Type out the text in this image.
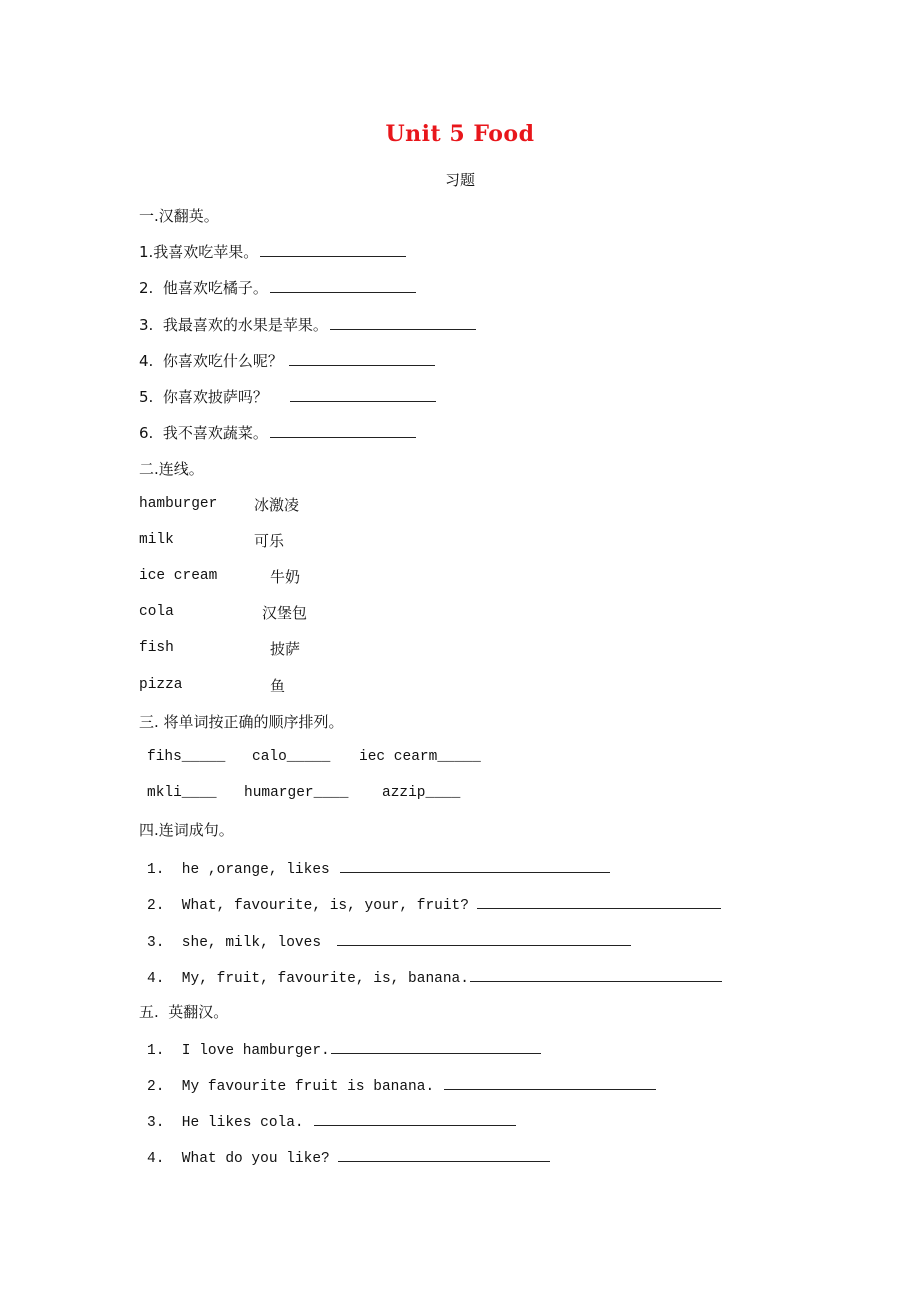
Unit 5 Food
习题
一.汉翻英。
1.我喜欢吃苹果。
2.  他喜欢吃橘子。
3.  我最喜欢的水果是苹果。
4.  你喜欢吃什么呢？
5.  你喜欢披萨吗？
6.  我不喜欢蔬菜。
二.连线。
hamburger 冰激凌
milk	可乐
ice cream	牛奶
cola	汉堡包
fish	披萨
pizza	鱼
三. 将单词按正确的顺序排列。
fihs_____ calo_____ iec cearm_____
mkli____ humarger____ azzip____
四.连词成句。
1.  he ,orange, likes
2.  What, favourite, is, your, fruit?
3.  she, milk, loves
4.  My, fruit, favourite, is, banana.
五.  英翻汉。
1.  I love hamburger.
2.  My favourite fruit is banana.
3.  He likes cola.
4.  What do you like?
